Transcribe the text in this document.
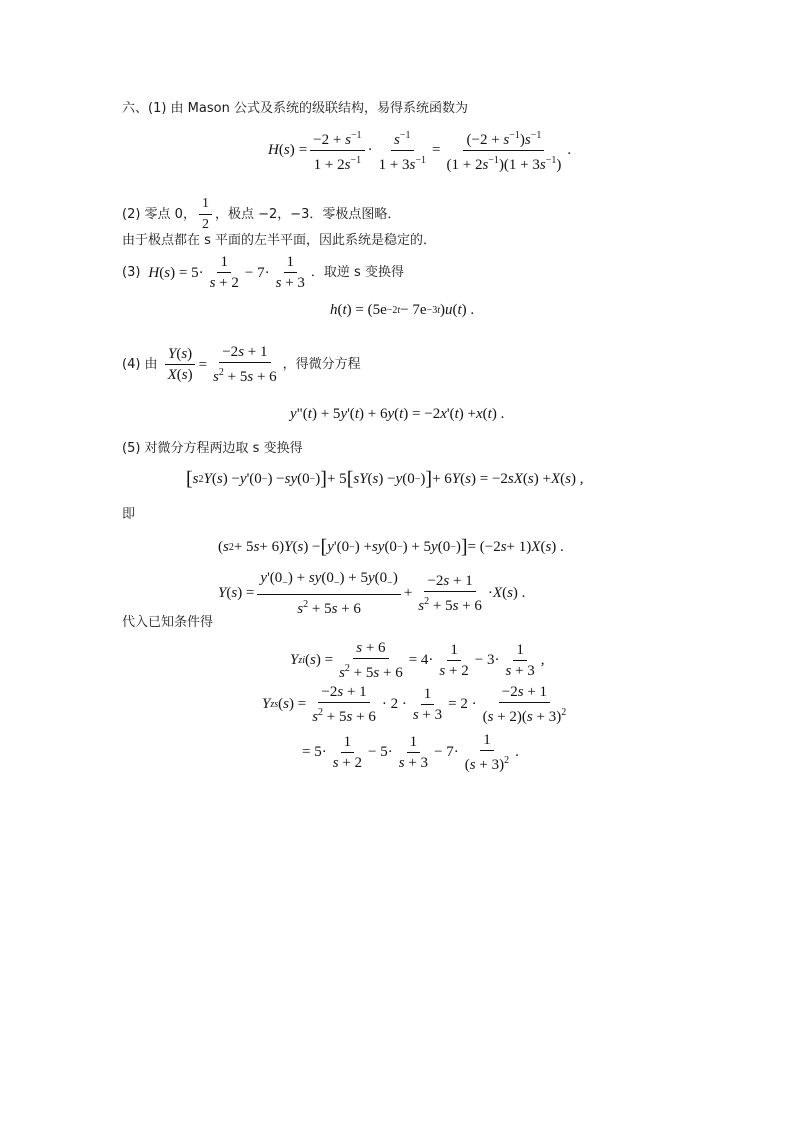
六、(1) 由 Mason 公式及系统的级联结构，易得系统函数为
H ( s ) = $\frac{-2 + s^{-1}}{1 + 2s^{-1}} \cdot \frac{s^{-1}}{1 + 3s^{-1}} = \frac{(-2 + s^{-1})s^{-1}}{(1 + 2s^{-1})(1 + 3s^{-1})}$ .
(2) 零点 0， $\frac{1}{2}$ ，极点 −2，−3．零极点图略．
由于极点都在 s 平面的左半平面，因此系统是稳定的．
(3) H ( s ) = $5\cdot \frac{1}{s + 2} - 7\cdot \frac{1}{s + 3}$ ．取逆 s 变换得
h ( t ) = (5e −2t − 7e −3t ) u ( t ) .
(4) 由 $\frac{Y(s)}{X(s)} = \frac{-2s + 1}{s^2 + 5s + 6}$ ，得微分方程
y "( t ) + 5 y '( t ) + 6 y ( t ) = −2 x '( t ) + x ( t ) .
(5) 对微分方程两边取 s 变换得
[ s 2 Y ( s ) − y '(0 − ) − sy (0 − ) ] + 5 [ sY ( s ) − y (0 − ) ] + 6 Y ( s ) = −2 sX ( s ) + X ( s ) ,
即
( s 2 + 5 s + 6) Y ( s ) − [ y '(0 − ) + sy (0 − ) + 5 y (0 − ) ] = (−2 s + 1) X ( s ) .
Y ( s ) = $\frac{y'(0_-) + sy(0_-) + 5y(0_-)}{s^2 + 5s + 6} + \frac{-2s + 1}{s^2 + 5s + 6} \cdot X$ ( s ) .
代入已知条件得
Y zi ( s ) = $\frac{s + 6}{s^2 + 5s + 6} = 4\cdot \frac{1}{s + 2} - 3\cdot \frac{1}{s + 3}$ ,
Y zs ( s ) = $\frac{-2s + 1}{s^2 + 5s + 6} \cdot 2 \cdot \frac{1}{s + 3} = 2 \cdot \frac{-2s + 1}{(s + 2)(s + 3)^2}$
= $5\cdot \frac{1}{s + 2} - 5\cdot \frac{1}{s + 3} - 7\cdot \frac{1}{(s + 3)^2}$ .
